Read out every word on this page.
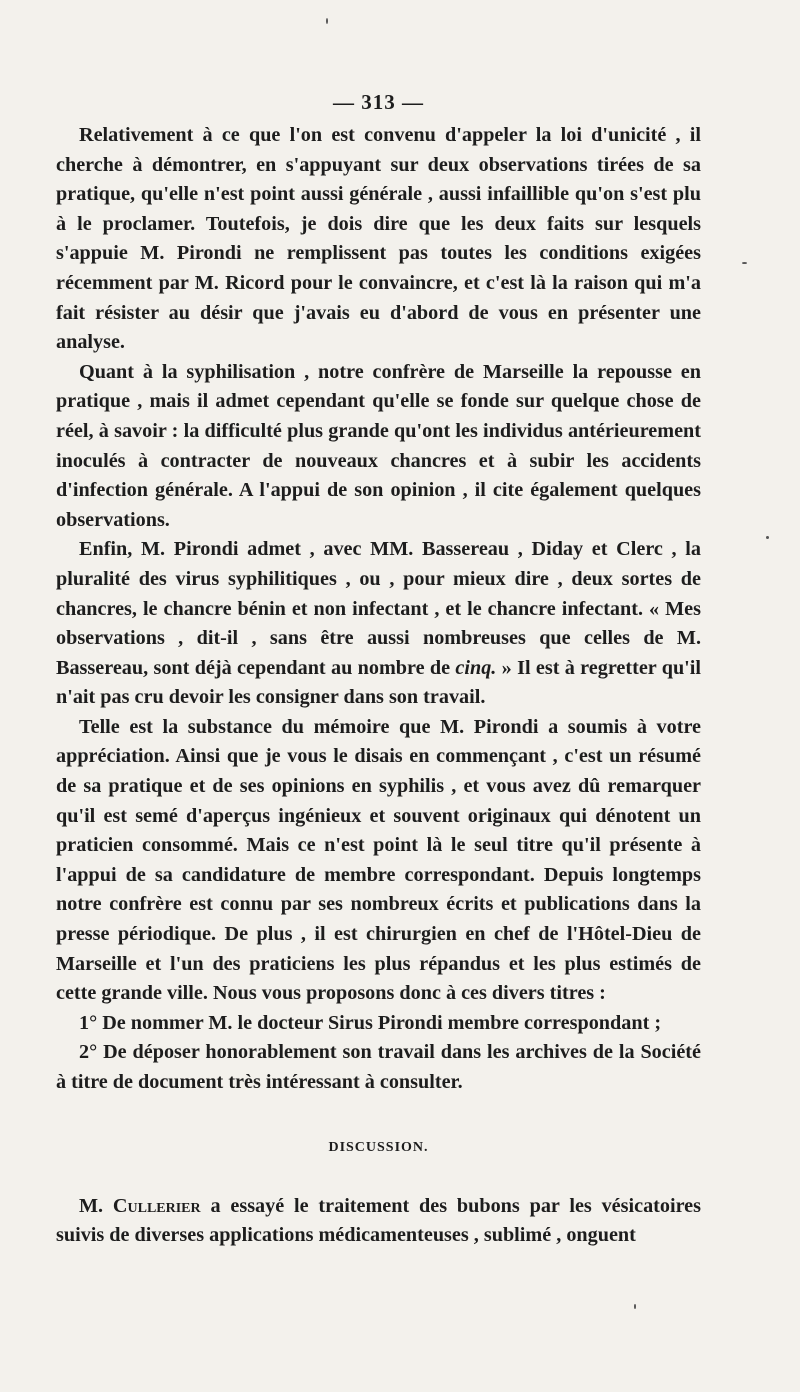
— 313 —

Relativement à ce que l'on est convenu d'appeler la loi d'unicité , il cherche à démontrer, en s'appuyant sur deux observations tirées de sa pratique, qu'elle n'est point aussi générale , aussi infaillible qu'on s'est plu à le proclamer. Toutefois, je dois dire que les deux faits sur lesquels s'appuie M. Pirondi ne remplissent pas toutes les conditions exigées récemment par M. Ricord pour le convaincre, et c'est là la raison qui m'a fait résister au désir que j'avais eu d'abord de vous en présenter une analyse.

Quant à la syphilisation , notre confrère de Marseille la repousse en pratique , mais il admet cependant qu'elle se fonde sur quelque chose de réel, à savoir : la difficulté plus grande qu'ont les individus antérieurement inoculés à contracter de nouveaux chancres et à subir les accidents d'infection générale. A l'appui de son opinion , il cite également quelques observations.

Enfin, M. Pirondi admet , avec MM. Bassereau , Diday et Clerc , la pluralité des virus syphilitiques , ou , pour mieux dire , deux sortes de chancres, le chancre bénin et non infectant , et le chancre infectant. « Mes observations , dit-il , sans être aussi nombreuses que celles de M. Bassereau, sont déjà cependant au nombre de cinq. » Il est à regretter qu'il n'ait pas cru devoir les consigner dans son travail.

Telle est la substance du mémoire que M. Pirondi a soumis à votre appréciation. Ainsi que je vous le disais en commençant , c'est un résumé de sa pratique et de ses opinions en syphilis , et vous avez dû remarquer qu'il est semé d'aperçus ingénieux et souvent originaux qui dénotent un praticien consommé. Mais ce n'est point là le seul titre qu'il présente à l'appui de sa candidature de membre correspondant. Depuis longtemps notre confrère est connu par ses nombreux écrits et publications dans la presse périodique. De plus , il est chirurgien en chef de l'Hôtel-Dieu de Marseille et l'un des praticiens les plus répandus et les plus estimés de cette grande ville. Nous vous proposons donc à ces divers titres :

1° De nommer M. le docteur Sirus Pirondi membre correspondant ;

2° De déposer honorablement son travail dans les archives de la Société à titre de document très intéressant à consulter.

DISCUSSION.

M. Cullerier a essayé le traitement des bubons par les vésicatoires suivis de diverses applications médicamenteuses , sublimé , onguent
